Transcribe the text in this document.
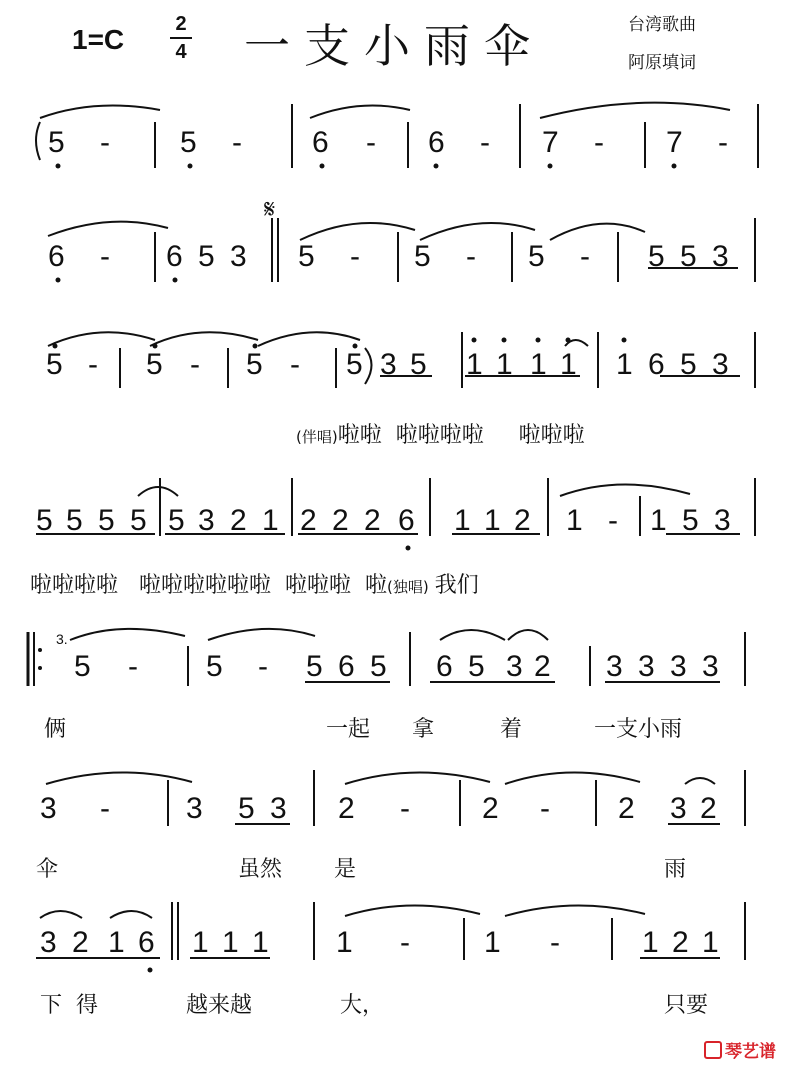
1=C	2
4 一支小雨伞	台湾歌曲
阿原填词
5 - 5 - 6 - 6 - 7 - 7 -
6 - 6 5 3 5 - 5 - 5 - 5 5 3
5 - 5 - 5 - 5 3 5 1 1 1 1 1 6 5 3
5 5 5 5 5 3 2 1 2 2 2 6 1 1 2 1 - 1 5 3
5 - 5 - 5 6 5 6 5 3 2 3 3 3 3
3 -	3 5 3 2 - 2 - 2 3 2
3 2 1 6 1 1 1 1 - 1 -	1 2 1
𝄋
3.
(伴唱)啦啦  啦啦啦啦     啦啦啦
啦啦啦啦   啦啦啦啦啦啦  啦啦啦  啦(独唱) 我们
俩	一起 拿	着	一支小雨
伞	虽然 是	雨
下  得	越来越	大，	只要
琴艺谱
